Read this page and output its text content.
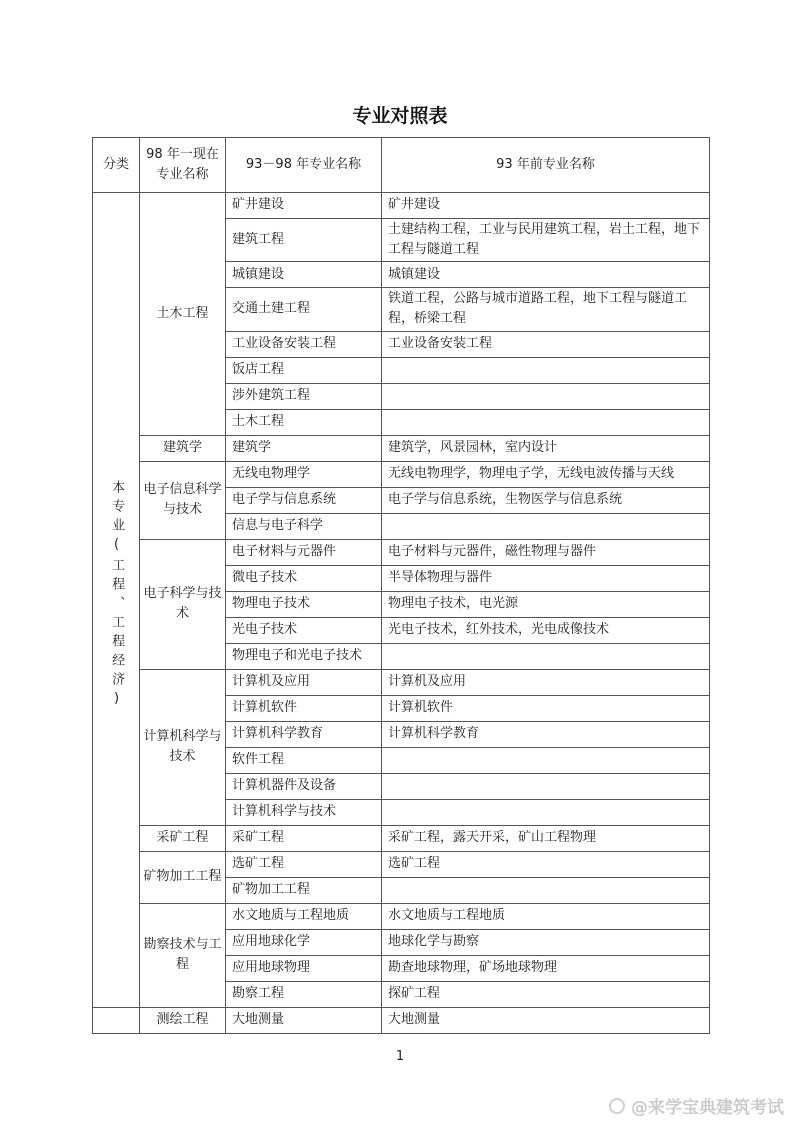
专业对照表
分类	98 年一现在专业名称	93－98 年专业名称	93 年前专业名称
本专业(工程、工程经济)	土木工程	矿井建设	矿井建设
		建筑工程	土建结构工程，工业与民用建筑工程，岩土工程，地下工程与隧道工程
		城镇建设	城镇建设
		交通土建工程	铁道工程，公路与城市道路工程，地下工程与隧道工程，桥梁工程
		工业设备安装工程	工业设备安装工程
		饭店工程	
		涉外建筑工程	
		土木工程	
	建筑学	建筑学	建筑学，风景园林，室内设计
	电子信息科学与技术	无线电物理学	无线电物理学，物理电子学，无线电波传播与天线
		电子学与信息系统	电子学与信息系统，生物医学与信息系统
		信息与电子科学	
	电子科学与技术	电子材料与元器件	电子材料与元器件，磁性物理与器件
		微电子技术	半导体物理与器件
		物理电子技术	物理电子技术，电光源
		光电子技术	光电子技术，红外技术，光电成像技术
		物理电子和光电子技术	
	计算机科学与技术	计算机及应用	计算机及应用
		计算机软件	计算机软件
		计算机科学教育	计算机科学教育
		软件工程	
		计算机器件及设备	
		计算机科学与技术	
	采矿工程	采矿工程	采矿工程，露天开采，矿山工程物理
	矿物加工工程	选矿工程	选矿工程
		矿物加工工程	
	勘察技术与工程	水文地质与工程地质	水文地质与工程地质
		应用地球化学	地球化学与勘察
		应用地球物理	勘查地球物理，矿场地球物理
		勘察工程	探矿工程
	测绘工程	大地测量	大地测量
1
@来学宝典建筑考试
